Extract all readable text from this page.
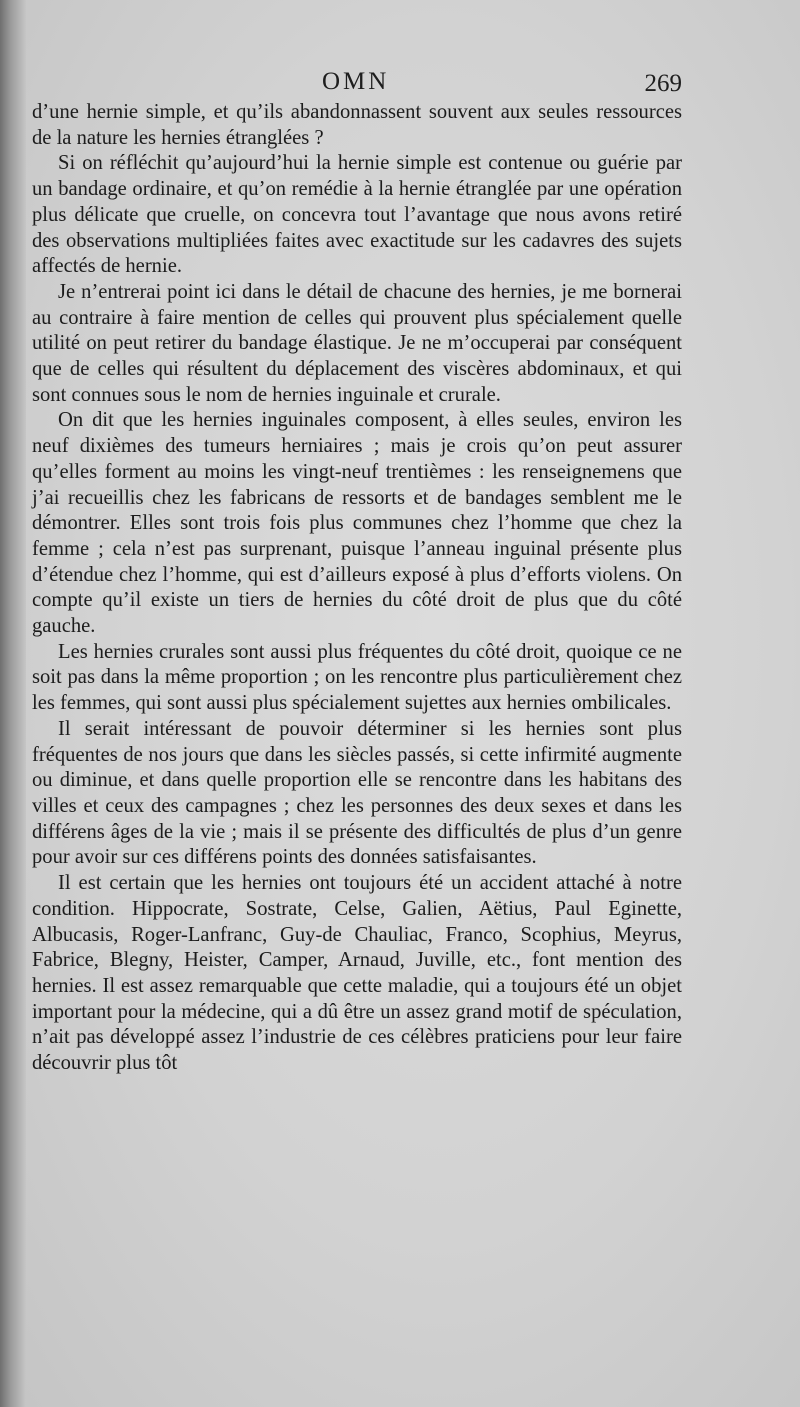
OMN	269

d’une hernie simple, et qu’ils abandonnassent souvent aux seules ressources de la nature les hernies étranglées ?

Si on réfléchit qu’aujourd’hui la hernie simple est contenue ou guérie par un bandage ordinaire, et qu’on remédie à la hernie étranglée par une opération plus délicate que cruelle, on concevra tout l’avantage que nous avons retiré des observations multipliées faites avec exactitude sur les cadavres des sujets affectés de hernie.

Je n’entrerai point ici dans le détail de chacune des hernies, je me bornerai au contraire à faire mention de celles qui prouvent plus spécialement quelle utilité on peut retirer du bandage élastique. Je ne m’occuperai par conséquent que de celles qui résultent du déplacement des viscères abdominaux, et qui sont connues sous le nom de hernies inguinale et crurale.

On dit que les hernies inguinales composent, à elles seules, environ les neuf dixièmes des tumeurs herniaires ; mais je crois qu’on peut assurer qu’elles forment au moins les vingt-neuf trentièmes : les renseignemens que j’ai recueillis chez les fabricans de ressorts et de bandages semblent me le démontrer. Elles sont trois fois plus communes chez l’homme que chez la femme ; cela n’est pas surprenant, puisque l’anneau inguinal présente plus d’étendue chez l’homme, qui est d’ailleurs exposé à plus d’efforts violens. On compte qu’il existe un tiers de hernies du côté droit de plus que du côté gauche.

Les hernies crurales sont aussi plus fréquentes du côté droit, quoique ce ne soit pas dans la même proportion ; on les rencontre plus particulièrement chez les femmes, qui sont aussi plus spécialement sujettes aux hernies ombilicales.

Il serait intéressant de pouvoir déterminer si les hernies sont plus fréquentes de nos jours que dans les siècles passés, si cette infirmité augmente ou diminue, et dans quelle proportion elle se rencontre dans les habitans des villes et ceux des campagnes ; chez les personnes des deux sexes et dans les différens âges de la vie ; mais il se présente des difficultés de plus d’un genre pour avoir sur ces différens points des données satisfaisantes.

Il est certain que les hernies ont toujours été un accident attaché à notre condition. Hippocrate, Sostrate, Celse, Galien, Aëtius, Paul Eginette, Albucasis, Roger-Lanfranc, Guy-de Chauliac, Franco, Scophius, Meyrus, Fabrice, Blegny, Heister, Camper, Arnaud, Juville, etc., font mention des hernies. Il est assez remarquable que cette maladie, qui a toujours été un objet important pour la médecine, qui a dû être un assez grand motif de spéculation, n’ait pas développé assez l’industrie de ces célèbres praticiens pour leur faire découvrir plus tôt
